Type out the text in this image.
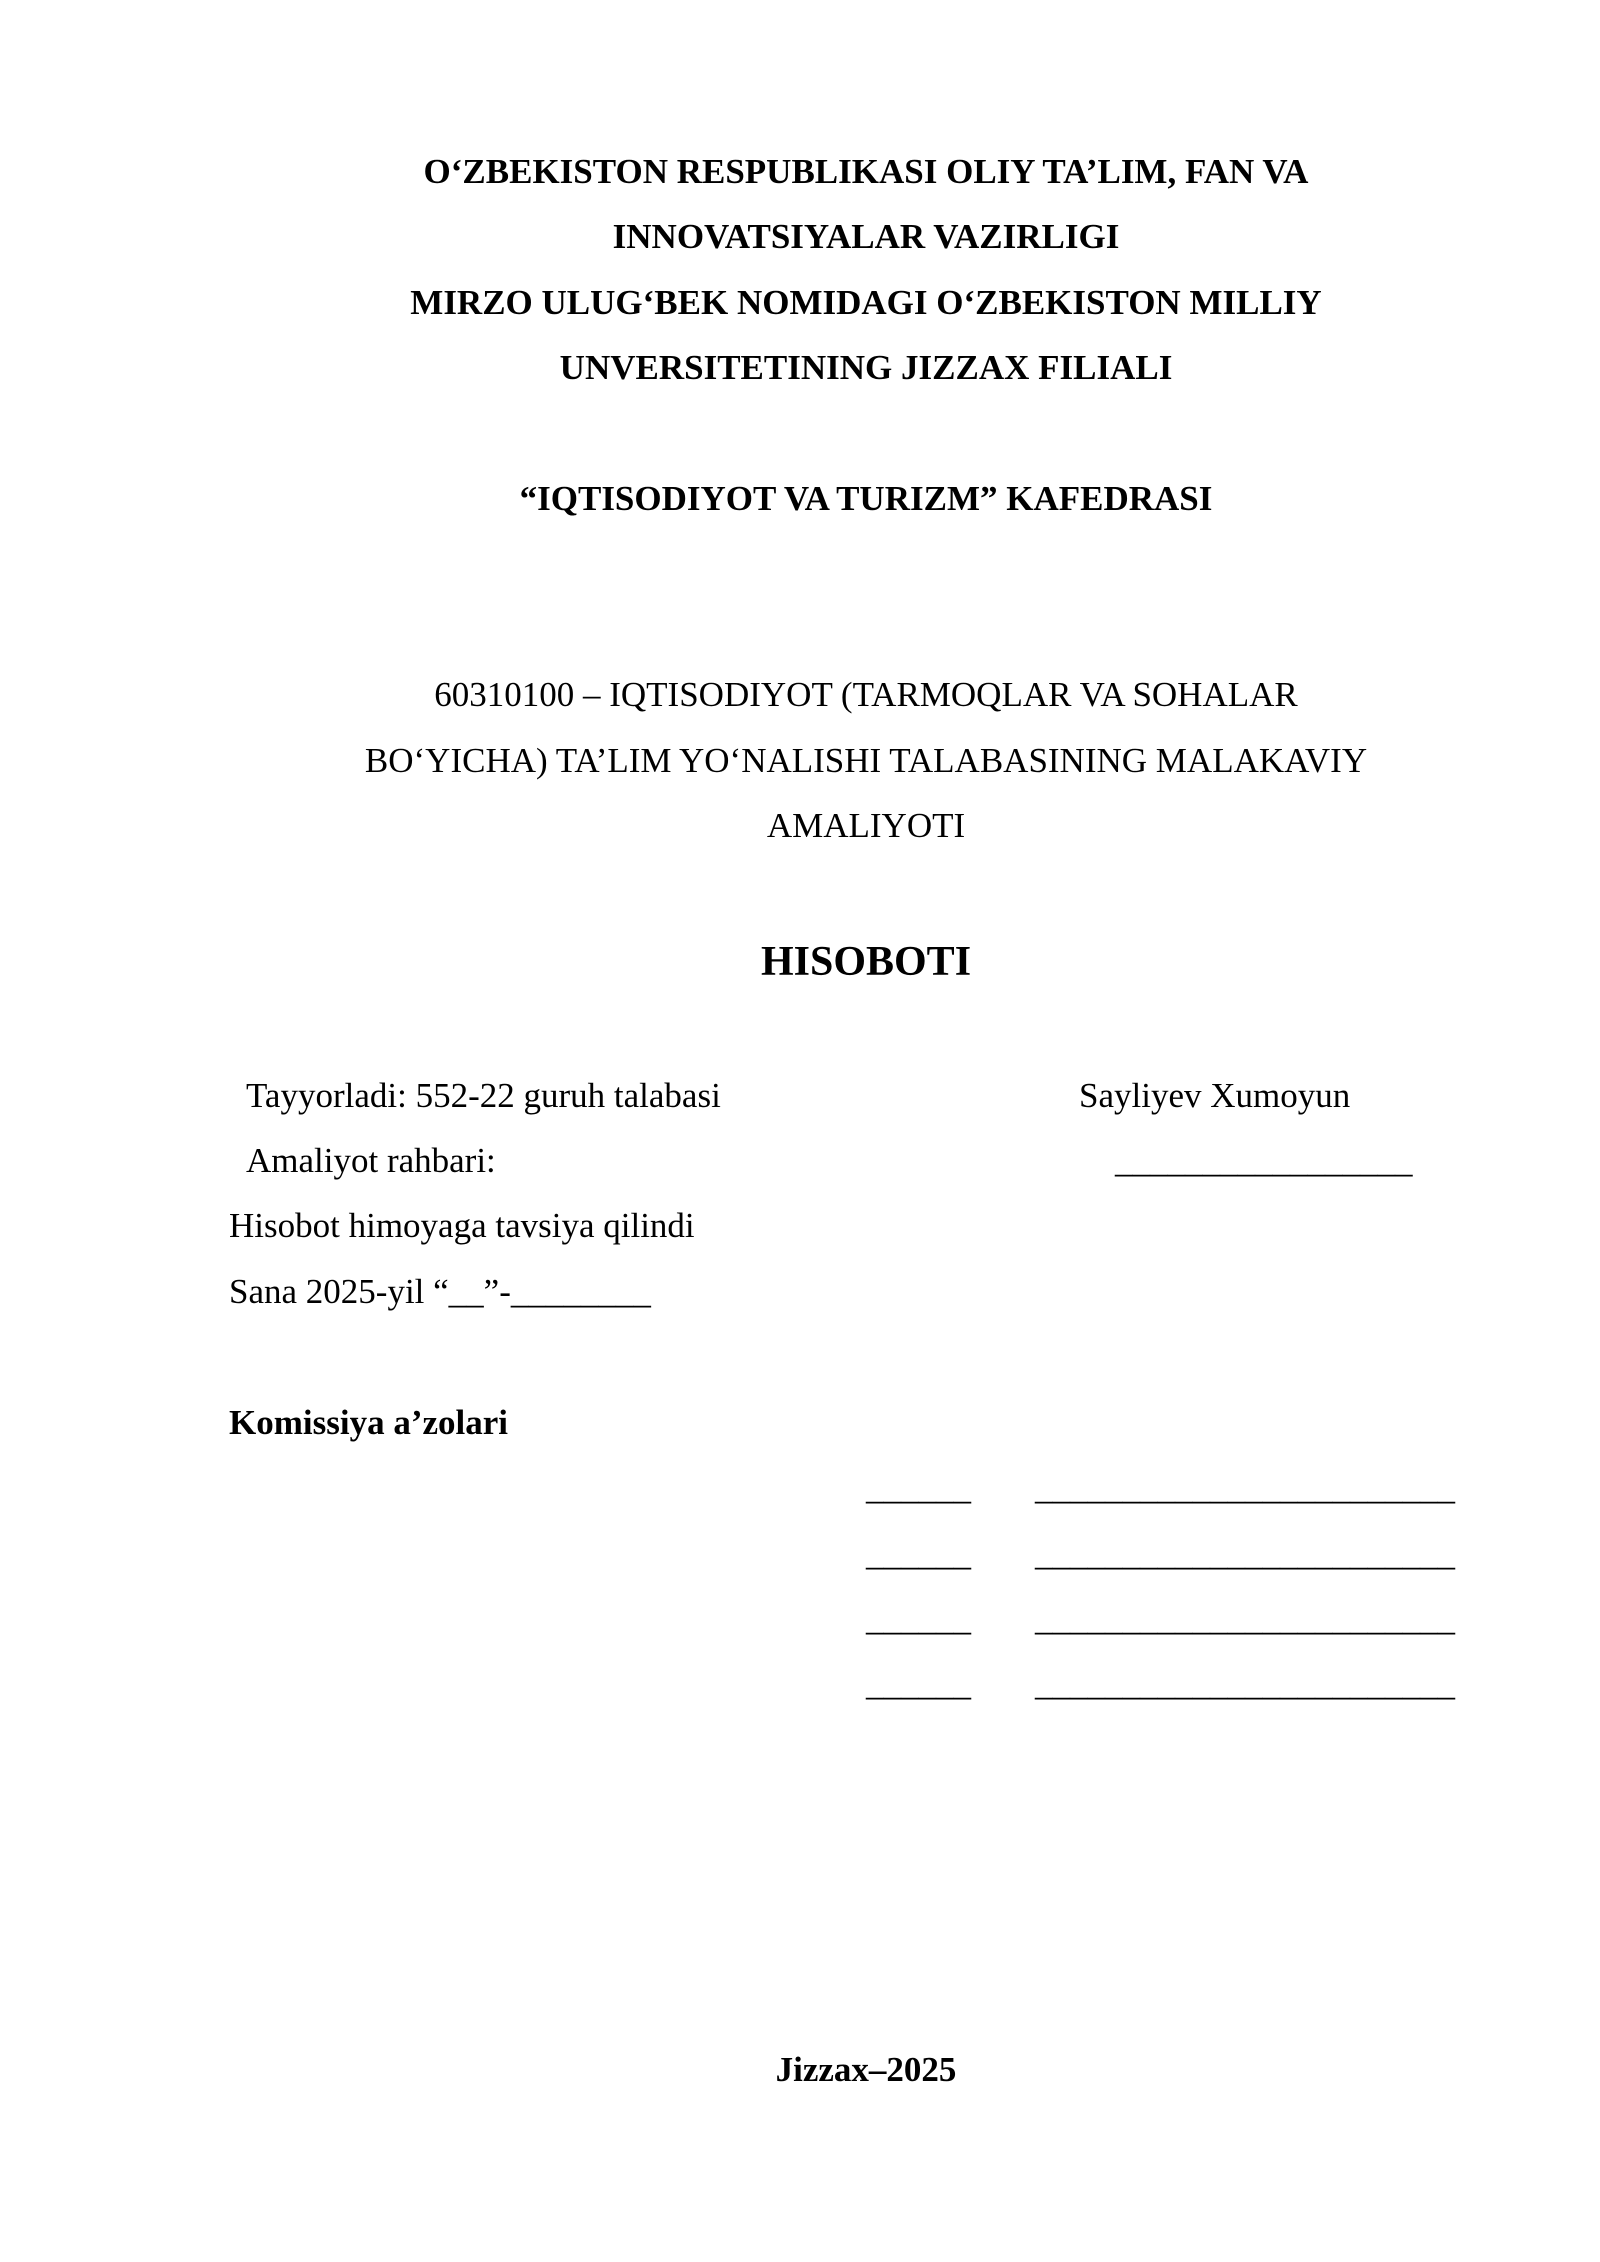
O‘ZBEKISTON RESPUBLIKASI OLIY TA’LIM, FAN VA
INNOVATSIYALAR VAZIRLIGI
MIRZO ULUG‘BEK NOMIDAGI O‘ZBEKISTON MILLIY
UNVERSITETINING JIZZAX FILIALI
“IQTISODIYOT VA TURIZM” KAFEDRASI
60310100 – IQTISODIYOT (TARMOQLAR VA SOHALAR
BO‘YICHA) TA’LIM YO‘NALISHI TALABASINING MALAKAVIY
AMALIYOTI
HISOBOTI
Tayyorladi: 552-22 guruh talabasi	Sayliyev Xumoyun
Amaliyot rahbari:	_________________
Hisobot himoyaga tavsiya qilindi
Sana 2025-yil “__”-________
Komissiya a’zolari
______ ________________________
______ ________________________
______ ________________________
______ ________________________
Jizzax–2025
